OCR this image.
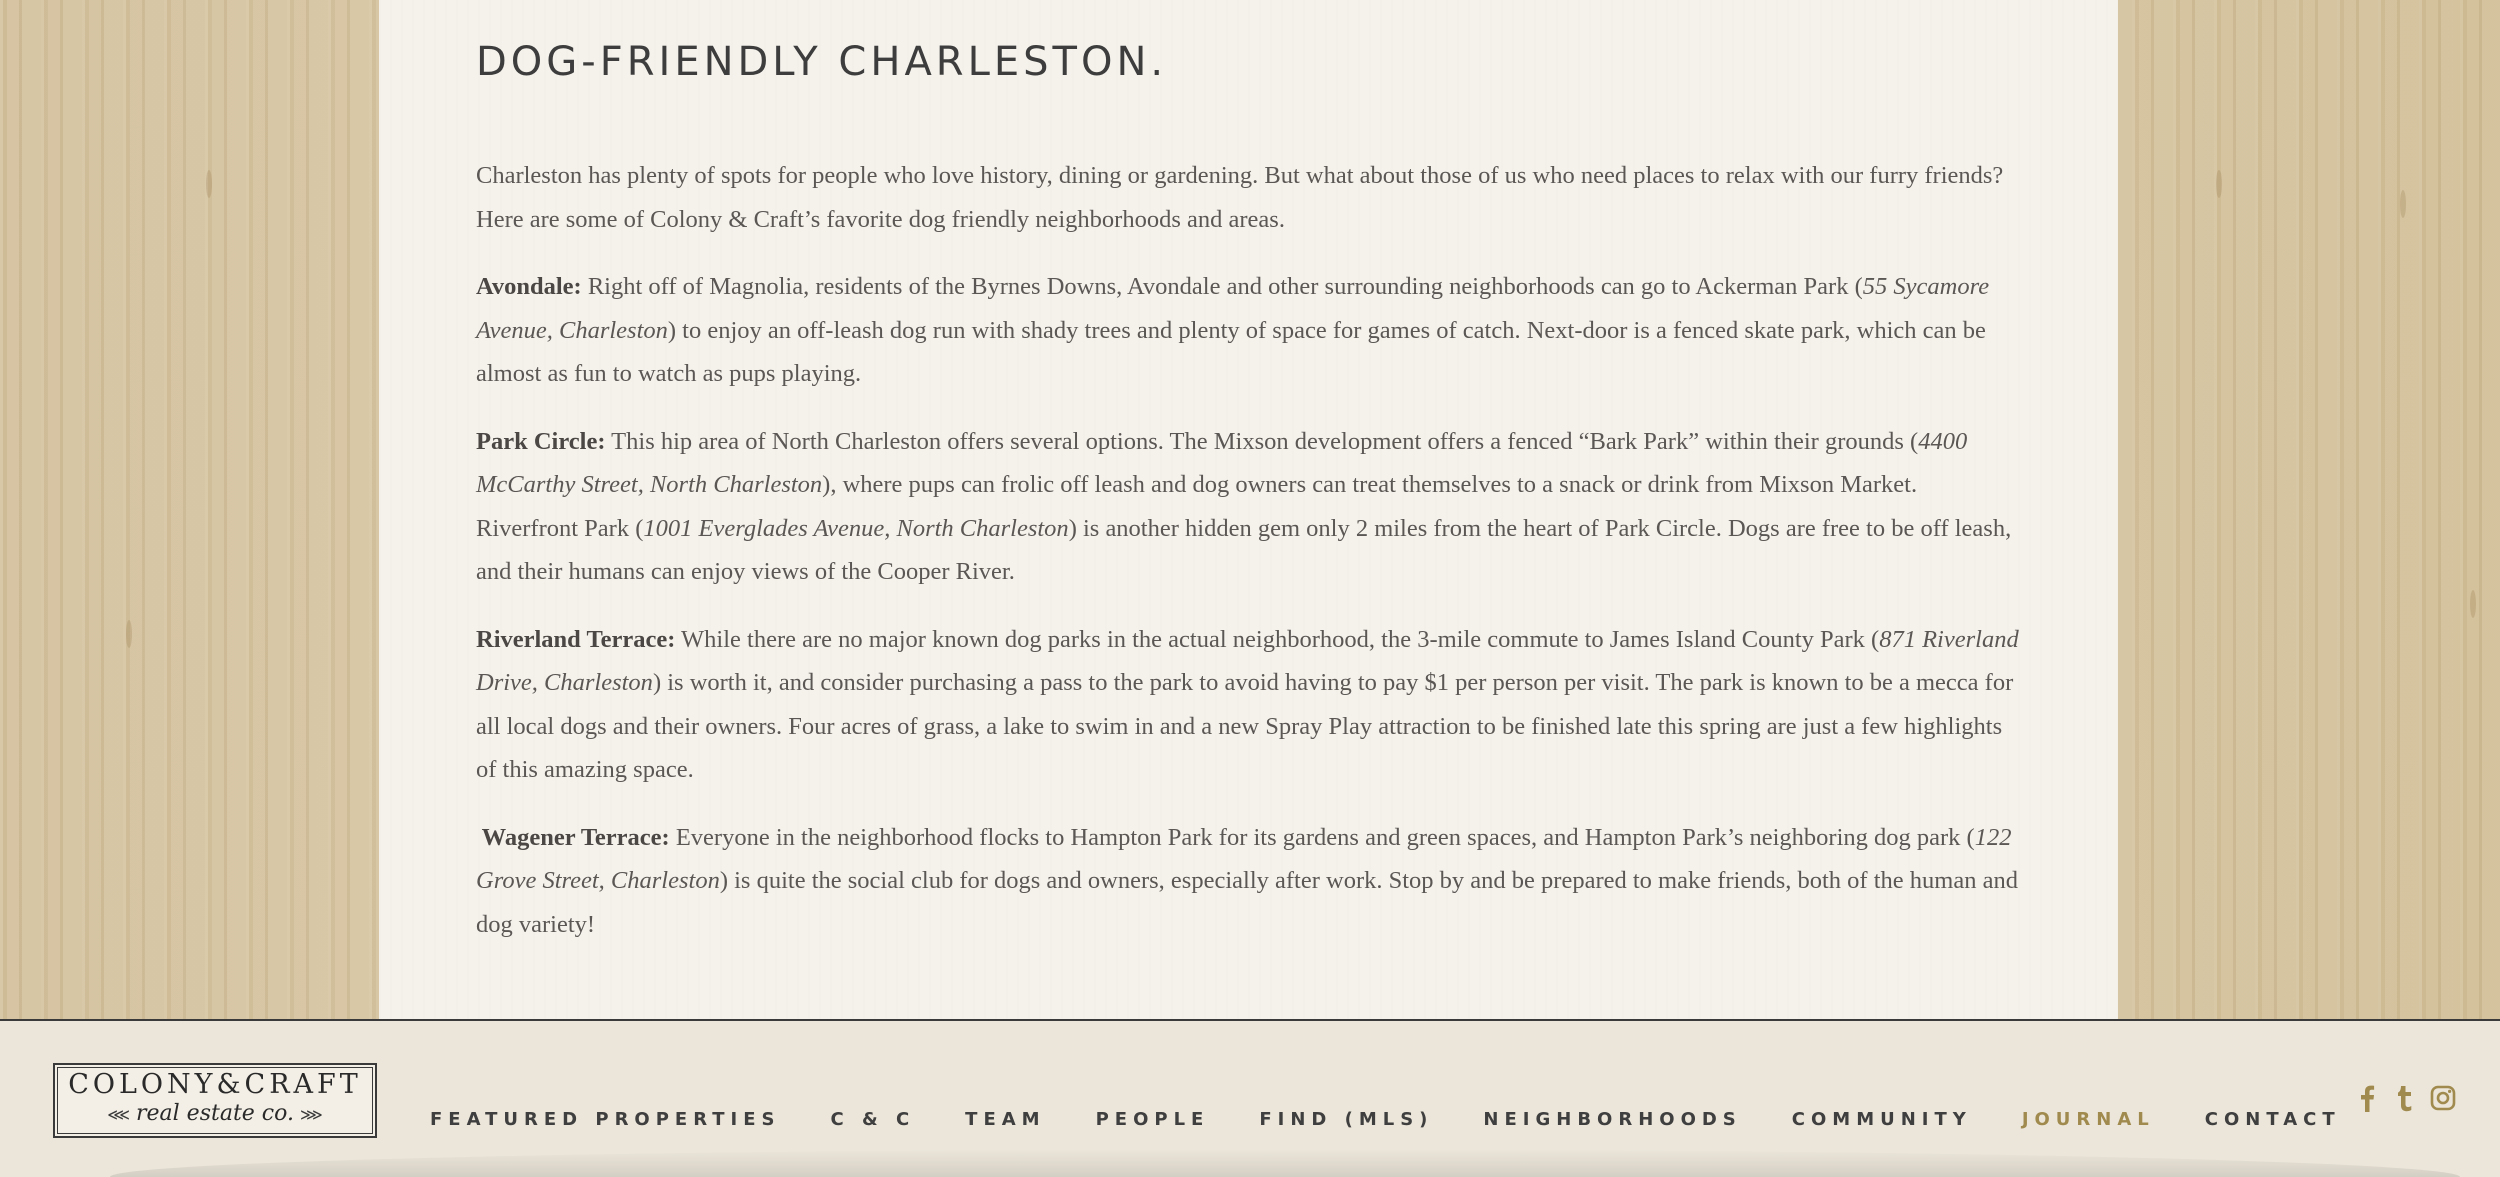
DOG-FRIENDLY CHARLESTON.

Charleston has plenty of spots for people who love history, dining or gardening. But what about those of us who need places to relax with our furry friends? Here are some of Colony & Craft’s favorite dog friendly neighborhoods and areas.

Avondale: Right off of Magnolia, residents of the Byrnes Downs, Avondale and other surrounding neighborhoods can go to Ackerman Park (55 Sycamore Avenue, Charleston) to enjoy an off-leash dog run with shady trees and plenty of space for games of catch. Next-door is a fenced skate park, which can be almost as fun to watch as pups playing.

Park Circle: This hip area of North Charleston offers several options. The Mixson development offers a fenced “Bark Park” within their grounds (4400 McCarthy Street, North Charleston), where pups can frolic off leash and dog owners can treat themselves to a snack or drink from Mixson Market. Riverfront Park (1001 Everglades Avenue, North Charleston) is another hidden gem only 2 miles from the heart of Park Circle. Dogs are free to be off leash, and their humans can enjoy views of the Cooper River.

Riverland Terrace: While there are no major known dog parks in the actual neighborhood, the 3-mile commute to James Island County Park (871 Riverland Drive, Charleston) is worth it, and consider purchasing a pass to the park to avoid having to pay $1 per person per visit. The park is known to be a mecca for all local dogs and their owners. Four acres of grass, a lake to swim in and a new Spray Play attraction to be finished late this spring are just a few highlights of this amazing space.

Wagener Terrace: Everyone in the neighborhood flocks to Hampton Park for its gardens and green spaces, and Hampton Park’s neighboring dog park (122 Grove Street, Charleston) is quite the social club for dogs and owners, especially after work. Stop by and be prepared to make friends, both of the human and dog variety!

COLONY&CRAFT
⋘ real estate co. ⋙	FEATURED PROPERTIES	C & C	TEAM	PEOPLE	FIND (MLS)	NEIGHBORHOODS	COMMUNITY	JOURNAL	CONTACT
